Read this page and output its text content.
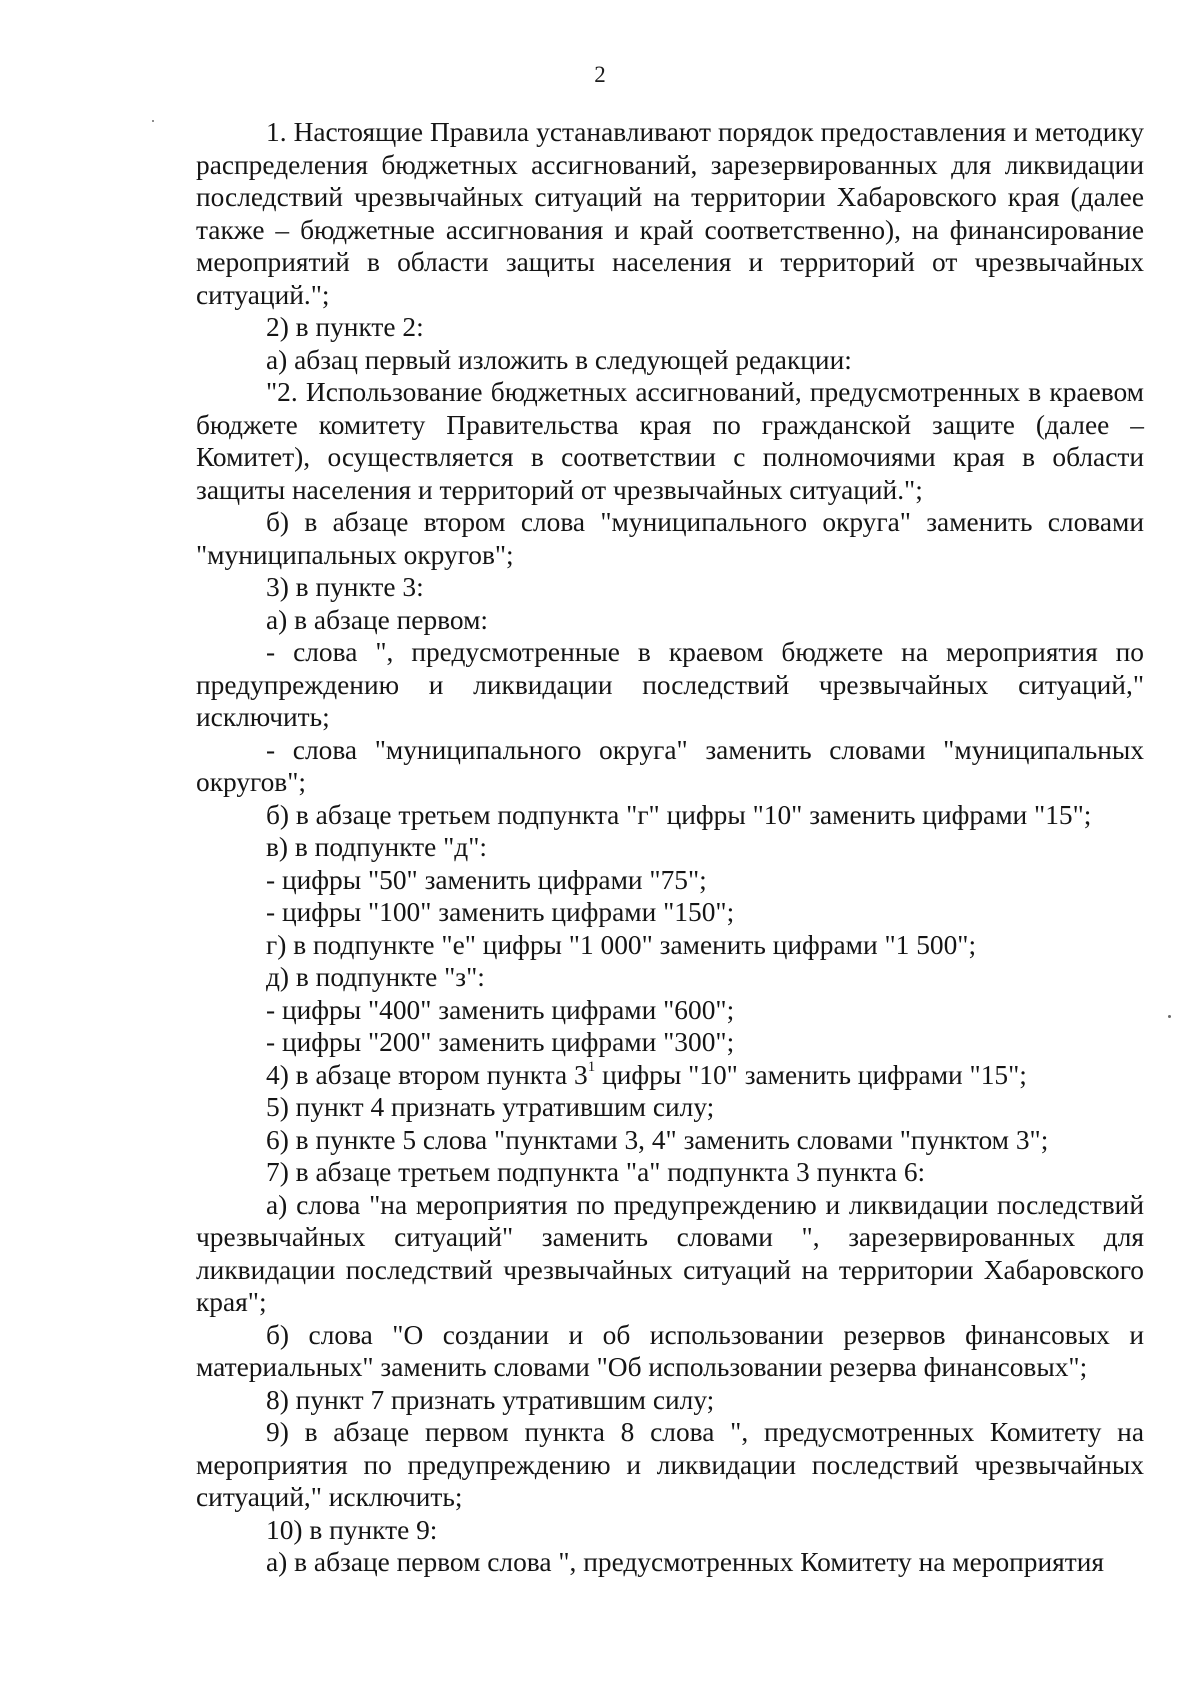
2

1. Настоящие Правила устанавливают порядок предоставления и методику распределения бюджетных ассигнований, зарезервированных для ликвидации последствий чрезвычайных ситуаций на территории Хабаровского края (далее также – бюджетные ассигнования и край соответственно), на финансирование мероприятий в области защиты населения и территорий от чрезвычайных ситуаций.";

2) в пункте 2:

а) абзац первый изложить в следующей редакции:

"2. Использование бюджетных ассигнований, предусмотренных в краевом бюджете комитету Правительства края по гражданской защите (далее – Комитет), осуществляется в соответствии с полномочиями края в области защиты населения и территорий от чрезвычайных ситуаций.";

б) в абзаце втором слова "муниципального округа" заменить словами "муниципальных округов";

3) в пункте 3:

а) в абзаце первом:

- слова ", предусмотренные в краевом бюджете на мероприятия по предупреждению и ликвидации последствий чрезвычайных ситуаций," исключить;

- слова "муниципального округа" заменить словами "муниципальных округов";

б) в абзаце третьем подпункта "г" цифры "10" заменить цифрами "15";

в) в подпункте "д":

- цифры "50" заменить цифрами "75";

- цифры "100" заменить цифрами "150";

г) в подпункте "е" цифры "1 000" заменить цифрами "1 500";

д) в подпункте "з":

- цифры "400" заменить цифрами "600";

- цифры "200" заменить цифрами "300";

4) в абзаце втором пункта $3^1$ цифры "10" заменить цифрами "15";

5) пункт 4 признать утратившим силу;

6) в пункте 5 слова "пунктами 3, 4" заменить словами "пунктом 3";

7) в абзаце третьем подпункта "а" подпункта 3 пункта 6:

а) слова "на мероприятия по предупреждению и ликвидации последствий чрезвычайных ситуаций" заменить словами ", зарезервированных для ликвидации последствий чрезвычайных ситуаций на территории Хабаровского края";

б) слова "О создании и об использовании резервов финансовых и материальных" заменить словами "Об использовании резерва финансовых";

8) пункт 7 признать утратившим силу;

9) в абзаце первом пункта 8 слова ", предусмотренных Комитету на мероприятия по предупреждению и ликвидации последствий чрезвычайных ситуаций," исключить;

10) в пункте 9:

а) в абзаце первом слова ", предусмотренных Комитету на мероприятия
